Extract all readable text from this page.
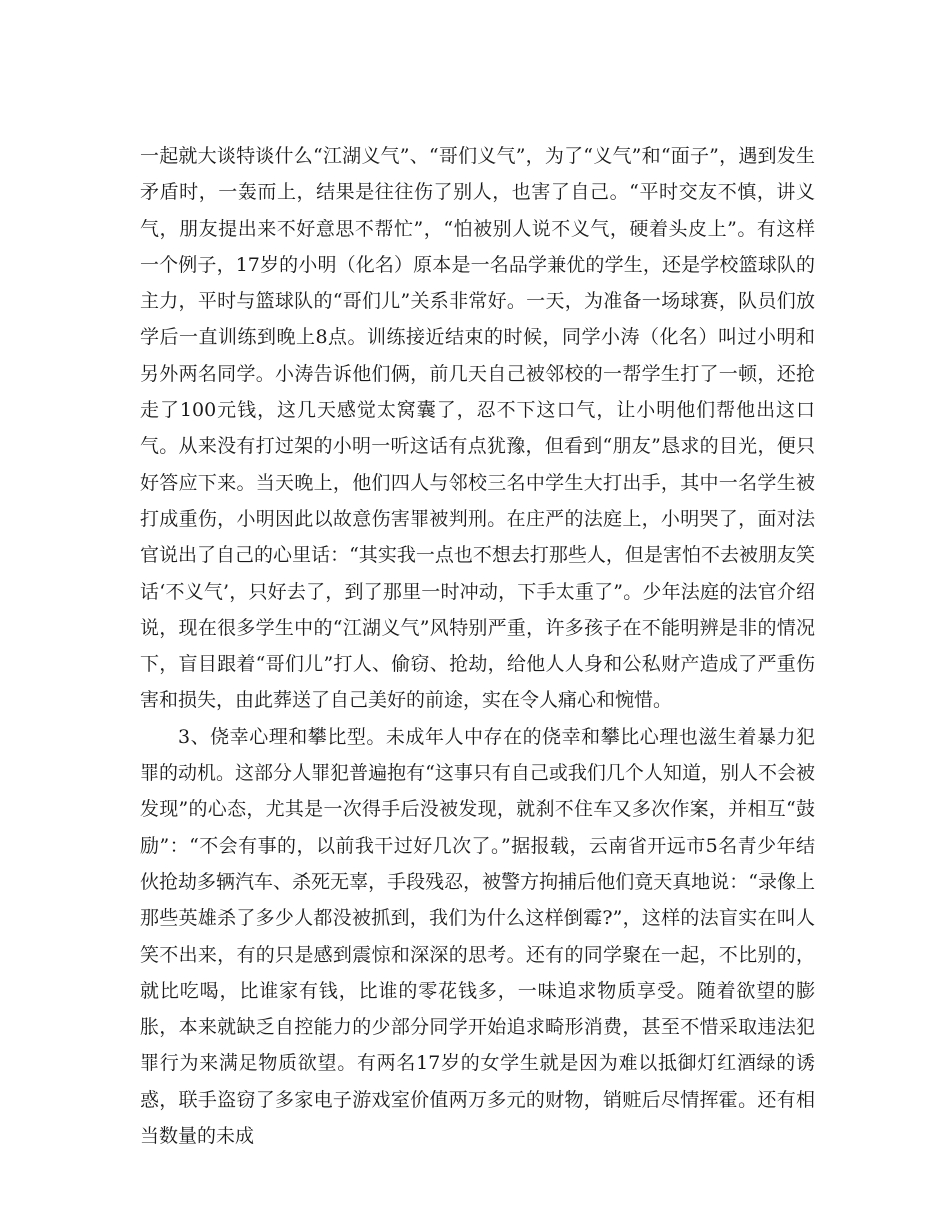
一起就大谈特谈什么“江湖义气”、“哥们义气”，为了“义气”和“面子”，遇到发生矛盾时，一轰而上，结果是往往伤了别人，也害了自己。“平时交友不慎，讲义气，朋友提出来不好意思不帮忙”，“怕被别人说不义气，硬着头皮上”。有这样一个例子，17岁的小明（化名）原本是一名品学兼优的学生，还是学校篮球队的主力，平时与篮球队的“哥们儿”关系非常好。一天，为准备一场球赛，队员们放学后一直训练到晚上8点。训练接近结束的时候，同学小涛（化名）叫过小明和另外两名同学。小涛告诉他们俩，前几天自己被邻校的一帮学生打了一顿，还抢走了100元钱，这几天感觉太窝囊了，忍不下这口气，让小明他们帮他出这口气。从来没有打过架的小明一听这话有点犹豫，但看到“朋友”恳求的目光，便只好答应下来。当天晚上，他们四人与邻校三名中学生大打出手，其中一名学生被打成重伤，小明因此以故意伤害罪被判刑。在庄严的法庭上，小明哭了，面对法官说出了自己的心里话：“其实我一点也不想去打那些人，但是害怕不去被朋友笑话‘不义气’，只好去了，到了那里一时冲动，下手太重了”。少年法庭的法官介绍说，现在很多学生中的“江湖义气”风特别严重，许多孩子在不能明辨是非的情况下，盲目跟着“哥们儿”打人、偷窃、抢劫，给他人人身和公私财产造成了严重伤害和损失，由此葬送了自己美好的前途，实在令人痛心和惋惜。

3、侥幸心理和攀比型。未成年人中存在的侥幸和攀比心理也滋生着暴力犯罪的动机。这部分人罪犯普遍抱有“这事只有自己或我们几个人知道，别人不会被发现”的心态，尤其是一次得手后没被发现，就刹不住车又多次作案，并相互“鼓励”：“不会有事的，以前我干过好几次了。”据报载，云南省开远市5名青少年结伙抢劫多辆汽车、杀死无辜，手段残忍，被警方拘捕后他们竟天真地说：“录像上那些英雄杀了多少人都没被抓到，我们为什么这样倒霉?”，这样的法盲实在叫人笑不出来，有的只是感到震惊和深深的思考。还有的同学聚在一起，不比别的，就比吃喝，比谁家有钱，比谁的零花钱多，一味追求物质享受。随着欲望的膨胀，本来就缺乏自控能力的少部分同学开始追求畸形消费，甚至不惜采取违法犯罪行为来满足物质欲望。有两名17岁的女学生就是因为难以抵御灯红酒绿的诱惑，联手盗窃了多家电子游戏室价值两万多元的财物，销赃后尽情挥霍。还有相当数量的未成
